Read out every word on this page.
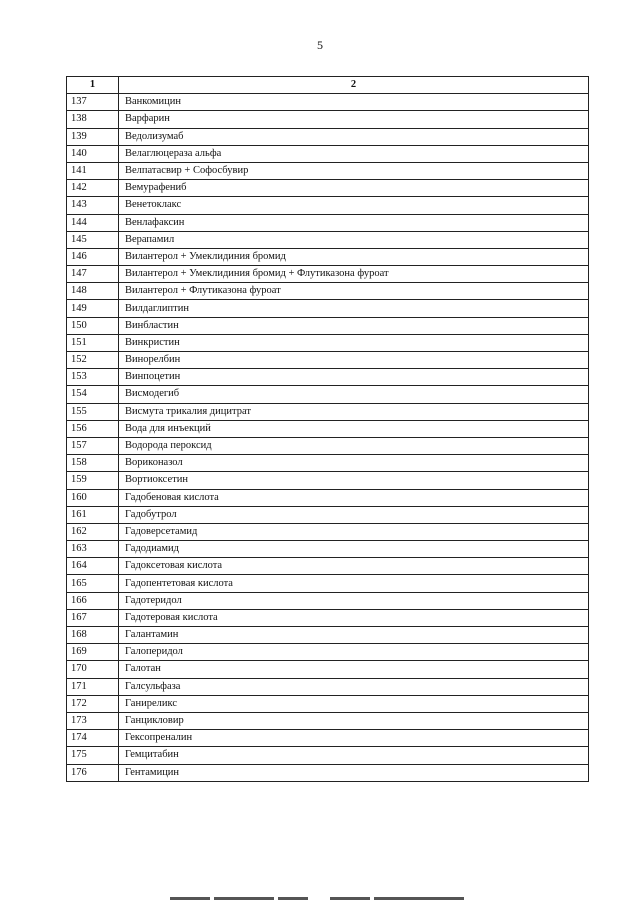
5
1	2
137	Ванкомицин
138	Варфарин
139	Ведолизумаб
140	Велаглюцераза альфа
141	Велпатасвир + Софосбувир
142	Вемурафениб
143	Венетоклакс
144	Венлафаксин
145	Верапамил
146	Вилантерол + Умеклидиния бромид
147	Вилантерол + Умеклидиния бромид + Флутиказона фуроат
148	Вилантерол + Флутиказона фуроат
149	Вилдаглиптин
150	Винбластин
151	Винкристин
152	Винорелбин
153	Винпоцетин
154	Висмодегиб
155	Висмута трикалия дицитрат
156	Вода для инъекций
157	Водорода пероксид
158	Вориконазол
159	Вортиоксетин
160	Гадобеновая кислота
161	Гадобутрол
162	Гадоверсетамид
163	Гадодиамид
164	Гадоксетовая кислота
165	Гадопентетовая кислота
166	Гадотеридол
167	Гадотеровая кислота
168	Галантамин
169	Галоперидол
170	Галотан
171	Галсульфаза
172	Ганиреликс
173	Ганцикловир
174	Гексопреналин
175	Гемцитабин
176	Гентамицин
